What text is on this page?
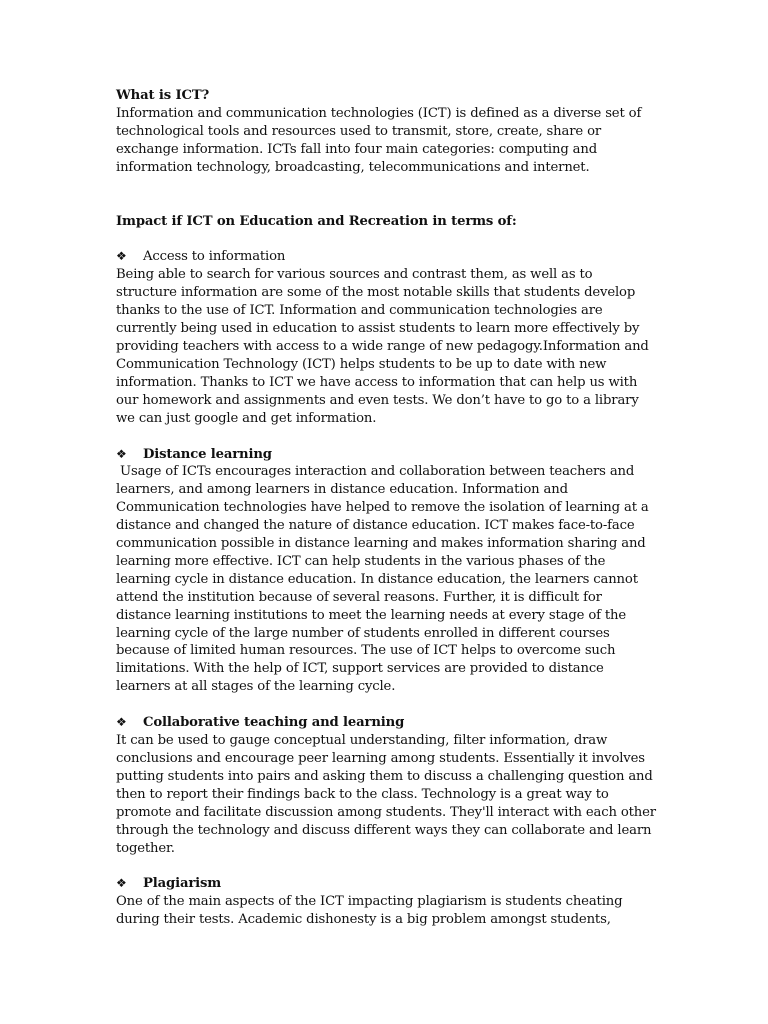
What is ICT?

Information and communication technologies (ICT) is defined as a diverse set of technological tools and resources used to transmit, store, create, share or exchange information. ICTs fall into four main categories: computing and information technology, broadcasting, telecommunications and internet.

Impact if ICT on Education and Recreation in terms of:

❖	Access to information

Being able to search for various sources and contrast them, as well as to structure information are some of the most notable skills that students develop thanks to the use of ICT. Information and communication technologies are currently being used in education to assist students to learn more effectively by providing teachers with access to a wide range of new pedagogy.Information and Communication Technology (ICT) helps students to be up to date with new information. Thanks to ICT we have access to information that can help us with our homework and assignments and even tests. We don’t have to go to a library we can just google and get information.

❖	Distance learning

Usage of ICTs encourages interaction and collaboration between teachers and learners, and among learners in distance education. Information and Communication technologies have helped to remove the isolation of learning at a distance and changed the nature of distance education. ICT makes face-to-face communication possible in distance learning and makes information sharing and learning more effective. ICT can help students in the various phases of the learning cycle in distance education. In distance education, the learners cannot attend the institution because of several reasons. Further, it is difficult for distance learning institutions to meet the learning needs at every stage of the learning cycle of the large number of students enrolled in different courses because of limited human resources. The use of ICT helps to overcome such limitations. With the help of ICT, support services are provided to distance learners at all stages of the learning cycle.

❖	Collaborative teaching and learning

It can be used to gauge conceptual understanding, filter information, draw conclusions and encourage peer learning among students. Essentially it involves putting students into pairs and asking them to discuss a challenging question and then to report their findings back to the class. Technology is a great way to promote and facilitate discussion among students. They'll interact with each other through the technology and discuss different ways they can collaborate and learn together.

❖	Plagiarism

One of the main aspects of the ICT impacting plagiarism is students cheating during their tests. Academic dishonesty is a big problem amongst students,
